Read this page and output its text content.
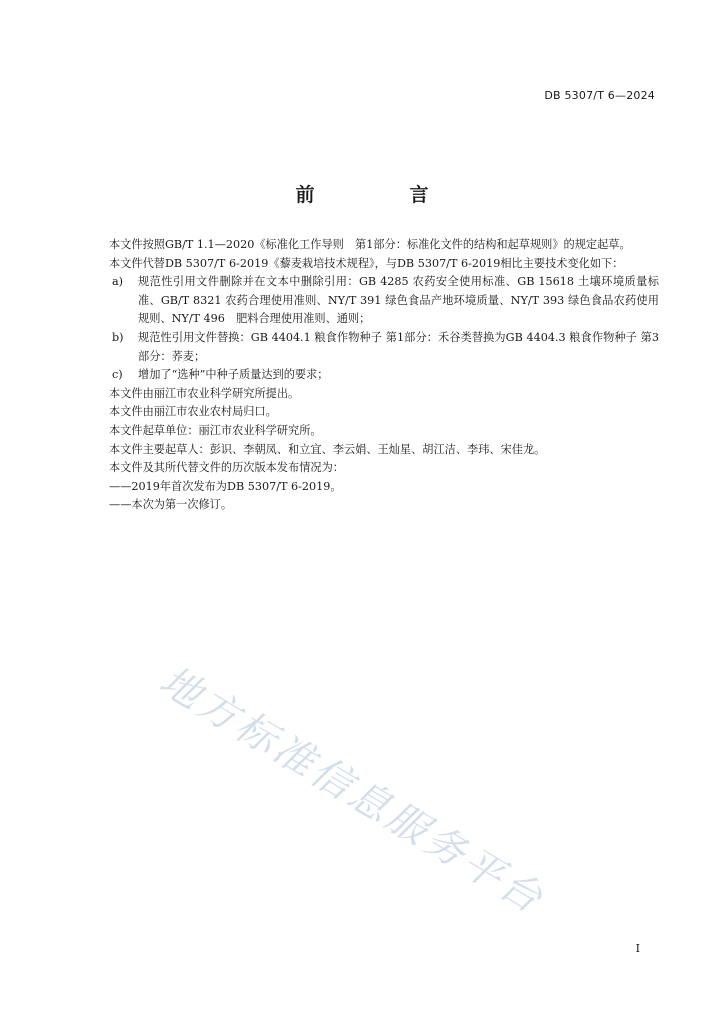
DB 5307/T 6—2024
前　言

本文件按照GB/T 1.1—2020《标准化工作导则　第1部分：标准化文件的结构和起草规则》的规定起草。

本文件代替DB 5307/T 6-2019《藜麦栽培技术规程》，与DB 5307/T 6-2019相比主要技术变化如下：

a) 规范性引用文件删除并在文本中删除引用：GB 4285 农药安全使用标准、GB 15618 土壤环境质量标准、GB/T 8321 农药合理使用准则、NY/T 391 绿色食品产地环境质量、NY/T 393 绿色食品农药使用规则、NY/T 496　肥料合理使用准则、通则；
b) 规范性引用文件替换：GB 4404.1 粮食作物种子 第1部分：禾谷类替换为GB 4404.3 粮食作物种子 第3部分：荞麦；
c) 增加了“选种”中种子质量达到的要求；

本文件由丽江市农业科学研究所提出。

本文件由丽江市农业农村局归口。

本文件起草单位：丽江市农业科学研究所。

本文件主要起草人：彭识、李朝凤、和立宜、李云娟、王灿星、胡江洁、李玮、宋佳龙。

本文件及其所代替文件的历次版本发布情况为：

——2019年首次发布为DB 5307/T 6-2019。

——本次为第一次修订。

地方标准信息服务平台
I
